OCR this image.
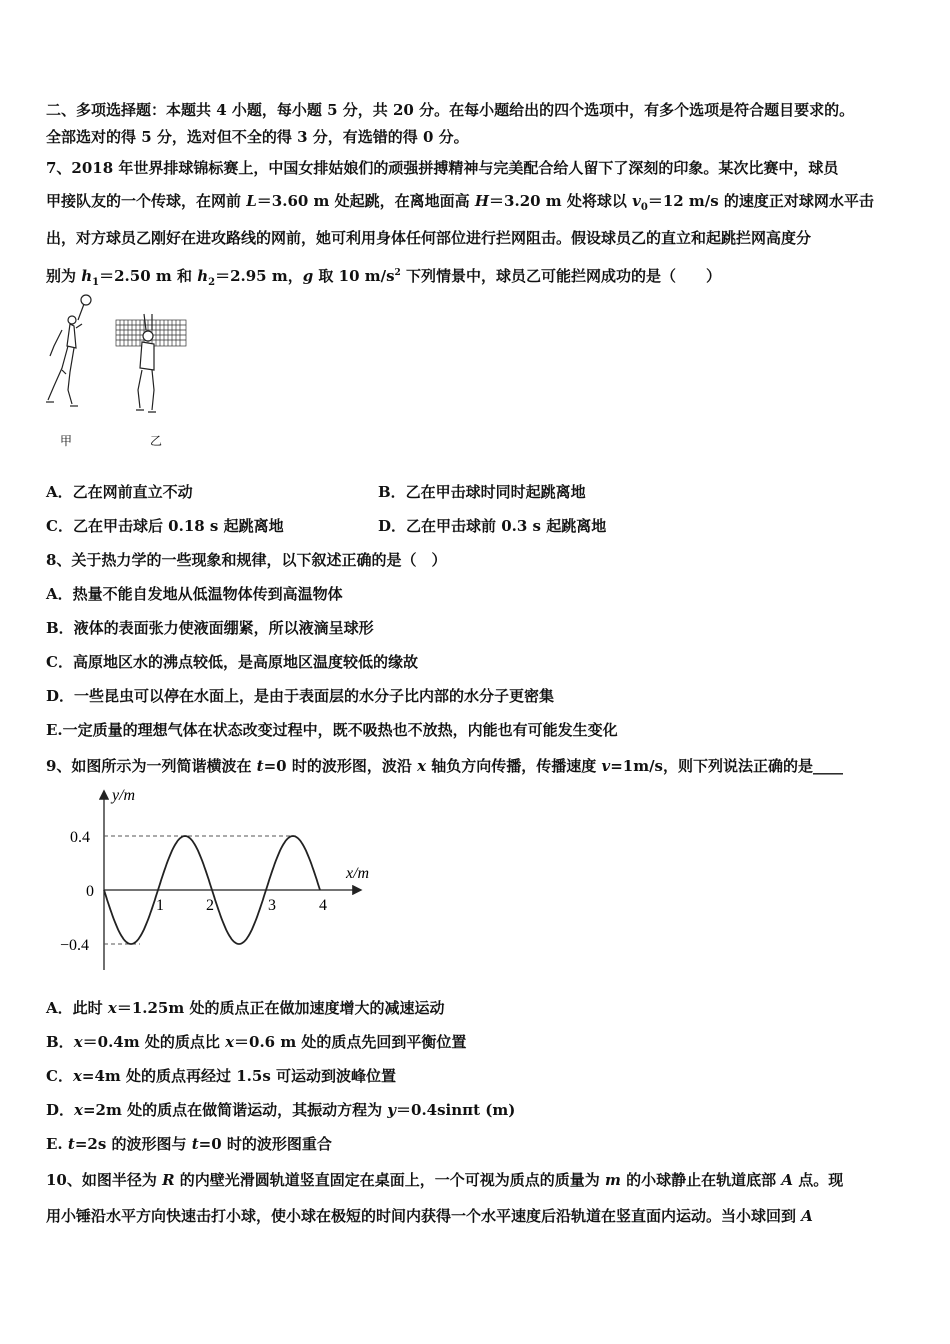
二、多项选择题：本题共 4 小题，每小题 5 分，共 20 分。在每小题给出的四个选项中，有多个选项是符合题目要求的。
全部选对的得 5 分，选对但不全的得 3 分，有选错的得 0 分。
7、2018 年世界排球锦标赛上，中国女排姑娘们的顽强拼搏精神与完美配合给人留下了深刻的印象。某次比赛中，球员
甲接队友的一个传球，在网前 L＝3.60 m 处起跳，在离地面高 H＝3.20 m 处将球以 $v_0=12$ m/s 的速度正对球网水平击
出，对方球员乙刚好在进攻路线的网前，她可利用身体任何部位进行拦网阻击。假设球员乙的直立和起跳拦网高度分
别为 $h_1=2.50$ m 和 $h_2=2.95$ m，g 取 10 $m/s^2$ 下列情景中，球员乙可能拦网成功的是（　　）
甲	乙
A．乙在网前直立不动	B．乙在甲击球时同时起跳离地
C．乙在甲击球后 0.18 s 起跳离地	D．乙在甲击球前 0.3 s 起跳离地
8、关于热力学的一些现象和规律，以下叙述正确的是（　）
A．热量不能自发地从低温物体传到高温物体
B．液体的表面张力使液面绷紧，所以液滴呈球形
C．高原地区水的沸点较低，是高原地区温度较低的缘故
D．一些昆虫可以停在水面上，是由于表面层的水分子比内部的水分子更密集
E.一定质量的理想气体在状态改变过程中，既不吸热也不放热，内能也有可能发生变化
9、如图所示为一列简谐横波在 t=0 时的波形图，波沿 x 轴负方向传播，传播速度 v=1m/s，则下列说法正确的是____
y/m
x/m
0.4
0
−0.4
1	2	3	4
A．此时 x＝1.25m 处的质点正在做加速度增大的减速运动
B．x＝0.4m 处的质点比 x＝0.6 m 处的质点先回到平衡位置
C．x=4m 处的质点再经过 1.5s 可运动到波峰位置
D．x=2m 处的质点在做简谐运动，其振动方程为 y＝0.4sinπt (m)
E. t=2s 的波形图与 t=0 时的波形图重合
10、如图半径为 R 的内壁光滑圆轨道竖直固定在桌面上，一个可视为质点的质量为 m 的小球静止在轨道底部 A 点。现
用小锤沿水平方向快速击打小球，使小球在极短的时间内获得一个水平速度后沿轨道在竖直面内运动。当小球回到 A
